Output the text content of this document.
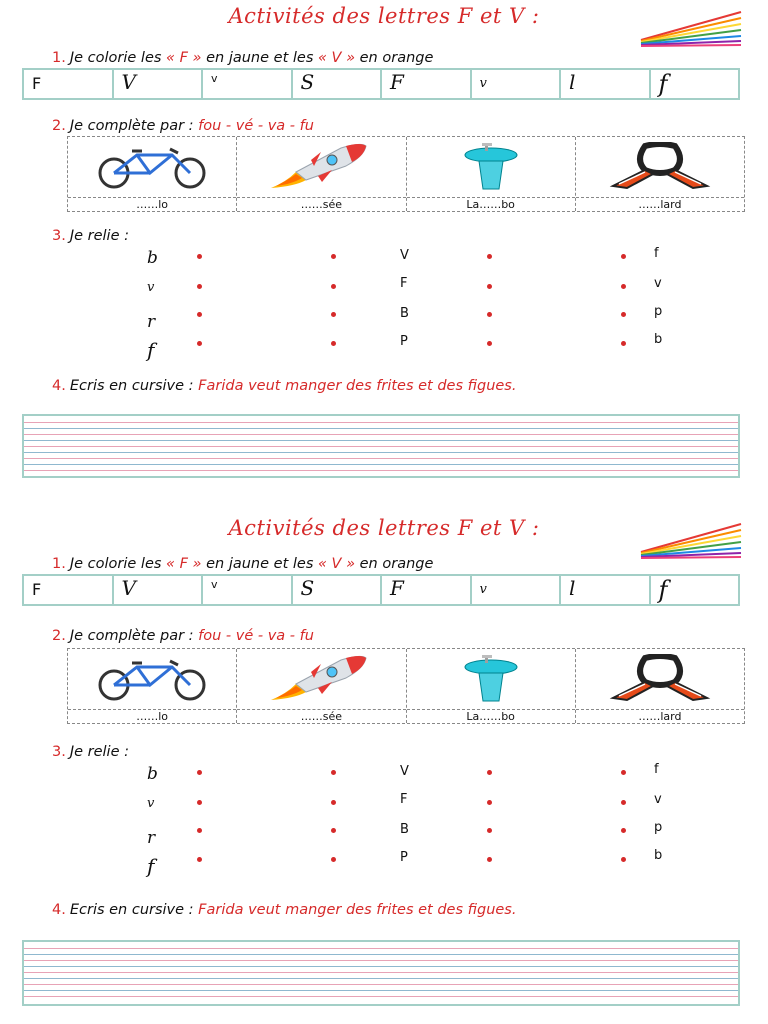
Activités des lettres F et V :
1. Je colorie les « F » en jaune et les « V » en orange
F	V	v	S	F	v	l	f
2. Je complète par : fou - vé - va - fu
……lo	……sée	La……bo	……lard
3. Je relie :
b
v
r
f
V
F
B
P
f
v
p
b
4. Ecris en cursive : Farida veut manger des frites et des figues.
Activités des lettres F et V :
1. Je colorie les « F » en jaune et les « V » en orange
F	V	v	S	F	v	l	f
2. Je complète par : fou - vé - va - fu
……lo	……sée	La……bo	……lard
3. Je relie :
b
v
r
f
V
F
B
P
f
v
p
b
4. Ecris en cursive : Farida veut manger des frites et des figues.
